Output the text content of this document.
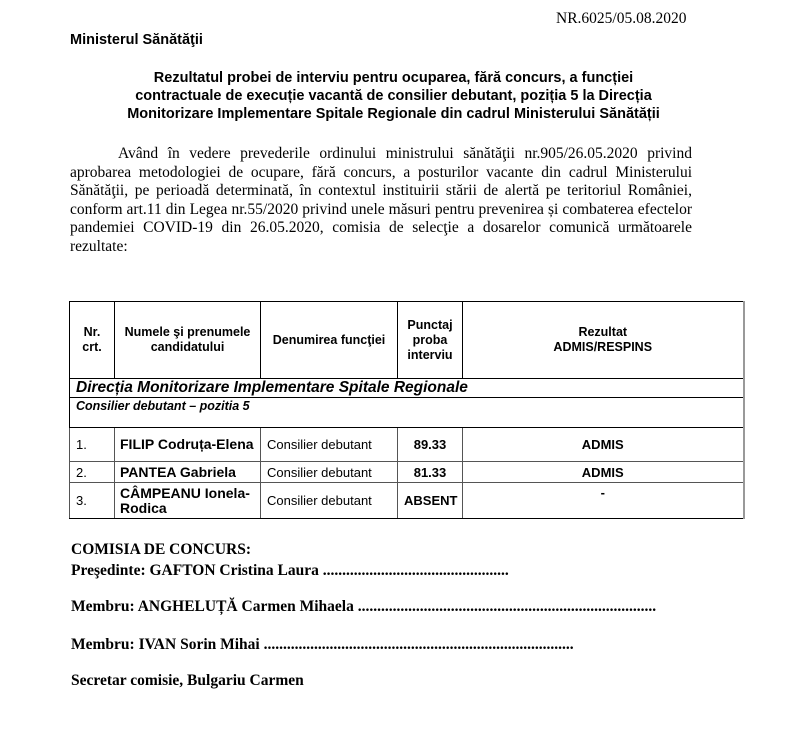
NR.6025/05.08.2020
Ministerul Sănătăţii
Rezultatul probei de interviu pentru ocuparea, fără concurs, a funcției
contractuale de execuție vacantă de consilier debutant, poziția 5 la Direcția
Monitorizare Implementare Spitale Regionale din cadrul Ministerului Sănătății

Având în vedere prevederile ordinului ministrului sănătăţii nr.905/26.05.2020 privind aprobarea metodologiei de ocupare, fără concurs, a posturilor vacante din cadrul Ministerului Sănătăţii, pe perioadă determinată, în contextul instituirii stării de alertă pe teritoriul României, conform art.11 din Legea nr.55/2020 privind unele măsuri pentru prevenirea și combaterea efectelor pandemiei COVID-19 din 26.05.2020, comisia de selecţie a dosarelor comunică următoarele rezultate:

Nr. crt.	Numele şi prenumele candidatului	Denumirea funcţiei	Punctaj proba interviu	Rezultat
ADMIS/RESPINS

Direcția Monitorizare Implementare Spitale Regionale				
Consilier debutant – pozitia 5				
1.	FILIP Codruța-Elena	Consilier debutant	89.33	ADMIS
2.	PANTEA Gabriela	Consilier debutant	81.33	ADMIS
3.	CÂMPEANU Ionela-Rodica	Consilier debutant	ABSENT	-
COMISIA DE CONCURS:
Preşedinte: GAFTON Cristina Laura ................................................
Membru: ANGHELUȚĂ Carmen Mihaela .............................................................................
Membru: IVAN Sorin Mihai ................................................................................
Secretar comisie, Bulgariu Carmen
